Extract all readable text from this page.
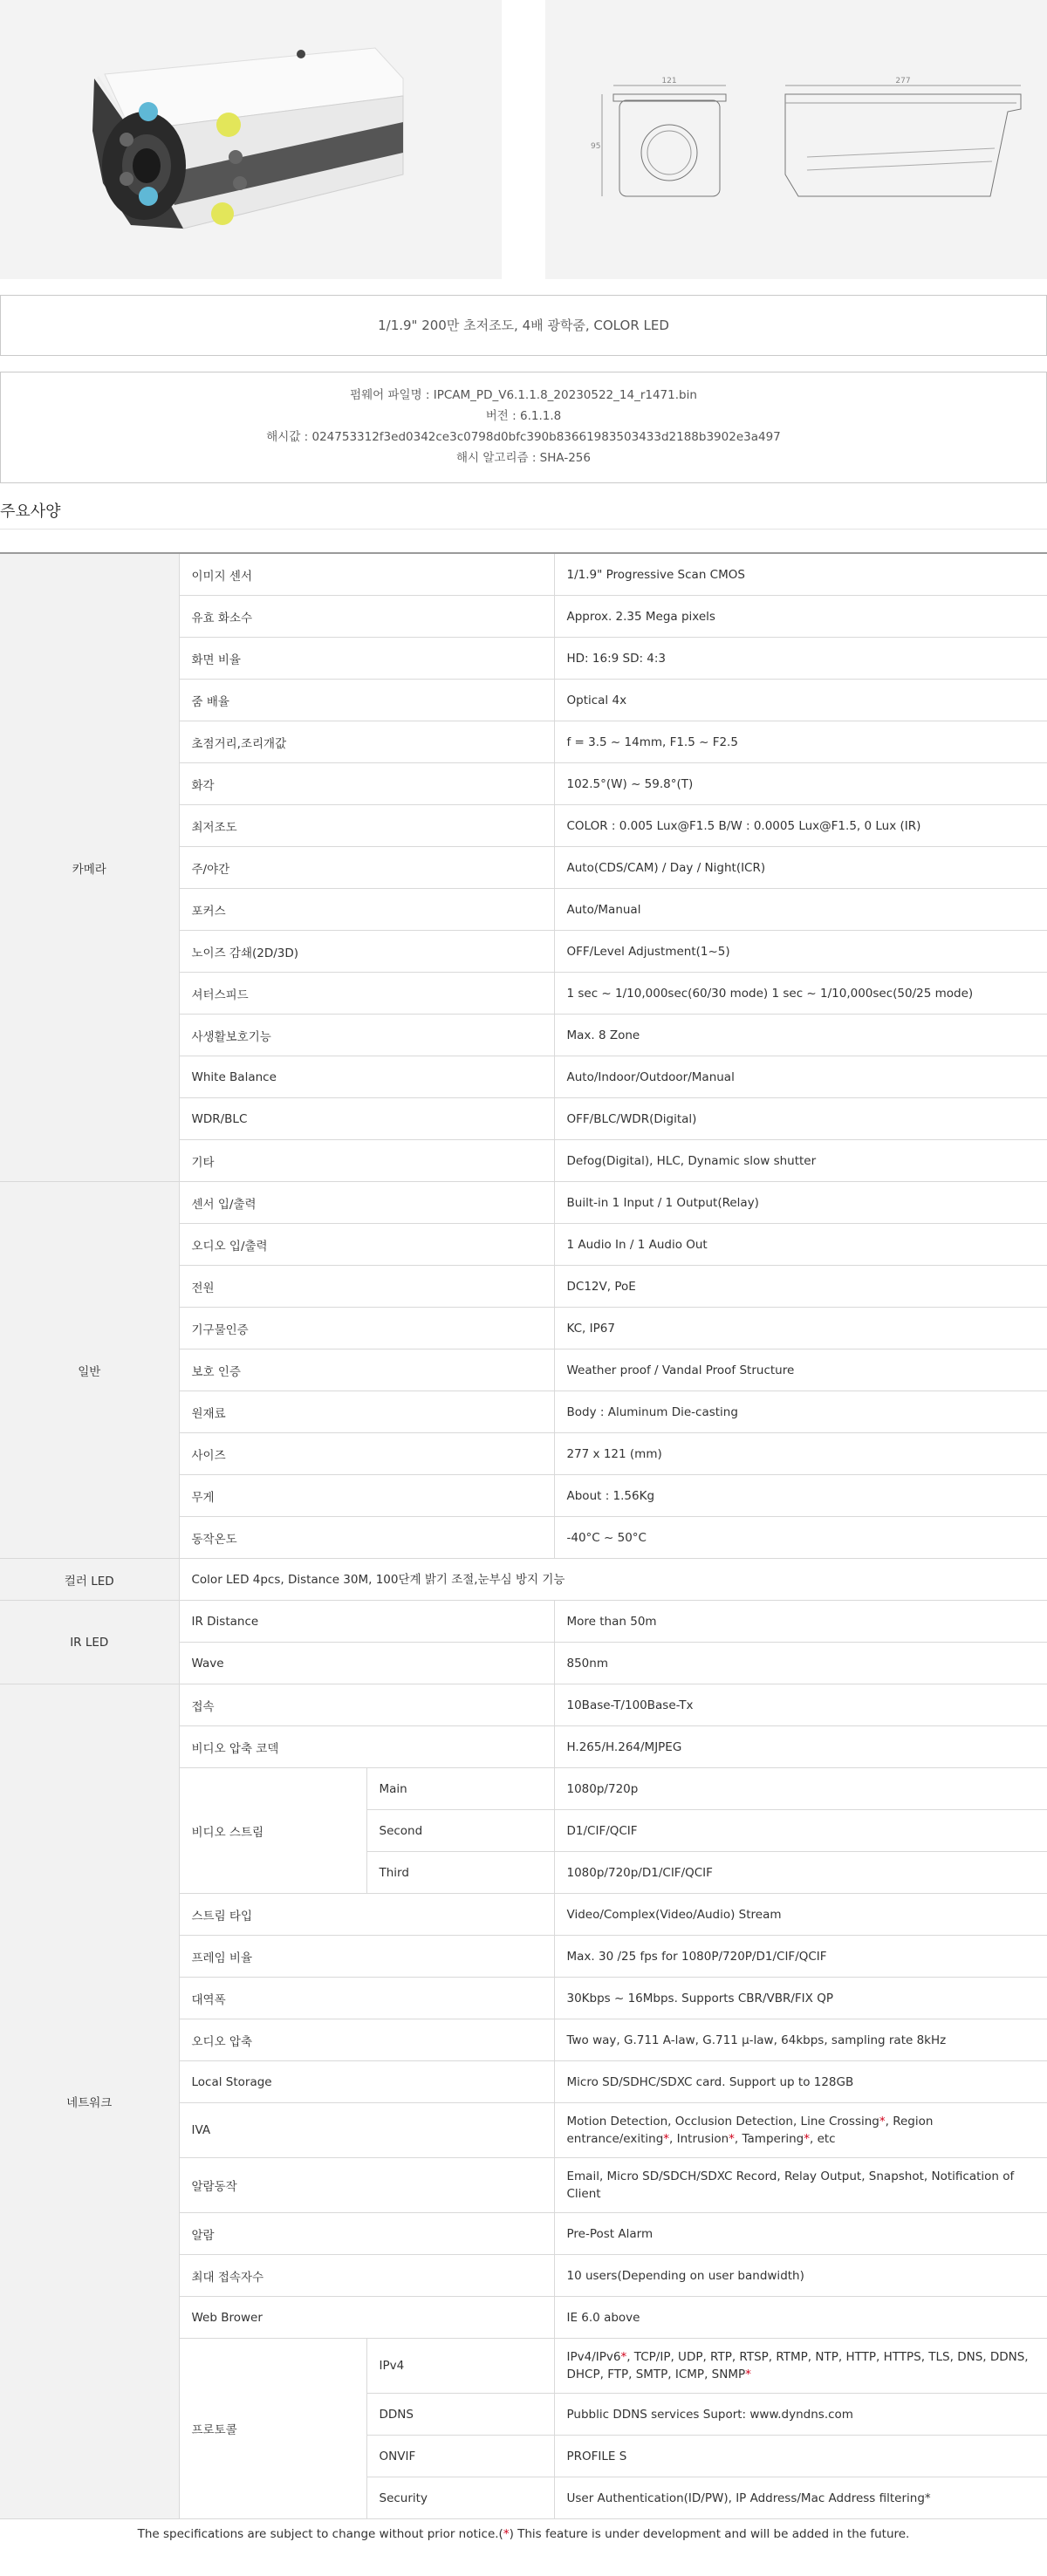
121
95
277
1/1.9" 200만 초저조도, 4배 광학줌, COLOR LED
펌웨어 파일명 : IPCAM_PD_V6.1.1.8_20230522_14_r1471.bin
버전 : 6.1.1.8
해시값 : 024753312f3ed0342ce3c0798d0bfc390b83661983503433d2188b3902e3a497
해시 알고리즘 : SHA-256
주요사양
카메라	이미지 센서		1/1.9" Progressive Scan CMOS
	유효 화소수		Approx. 2.35 Mega pixels
	화면 비율		HD: 16:9 SD: 4:3
	줌 배율		Optical 4x
	초점거리,조리개값		f = 3.5 ~ 14mm, F1.5 ~ F2.5
	화각		102.5°(W) ~ 59.8°(T)
	최저조도		COLOR : 0.005 Lux@F1.5 B/W : 0.0005 Lux@F1.5, 0 Lux (IR)
	주/야간		Auto(CDS/CAM) / Day / Night(ICR)
	포커스		Auto/Manual
	노이즈 감쇄(2D/3D)		OFF/Level Adjustment(1~5)
	셔터스피드		1 sec ~ 1/10,000sec(60/30 mode) 1 sec ~ 1/10,000sec(50/25 mode)
	사생활보호기능		Max. 8 Zone
	White Balance		Auto/Indoor/Outdoor/Manual
	WDR/BLC		OFF/BLC/WDR(Digital)
	기타		Defog(Digital), HLC, Dynamic slow shutter
일반	센서 입/출력		Built-in 1 Input / 1 Output(Relay)
	오디오 입/출력		1 Audio In / 1 Audio Out
	전원		DC12V, PoE
	기구물인증		KC, IP67
	보호 인증		Weather proof / Vandal Proof Structure
	원재료		Body : Aluminum Die-casting
	사이즈		277 x 121 (mm)
	무게		About : 1.56Kg
	동작온도		-40°C ~ 50°C
컬러 LED	Color LED 4pcs, Distance 30M, 100단계 밝기 조절,눈부심 방지 기능		
IR LED	IR Distance		More than 50m
	Wave		850nm
네트워크	접속		10Base-T/100Base-Tx
	비디오 압축 코덱		H.265/H.264/MJPEG
	비디오 스트림	Main	1080p/720p
		Second	D1/CIF/QCIF
		Third	1080p/720p/D1/CIF/QCIF
	스트림 타입		Video/Complex(Video/Audio) Stream
	프레임 비율		Max. 30 /25 fps for 1080P/720P/D1/CIF/QCIF
	대역폭		30Kbps ~ 16Mbps. Supports CBR/VBR/FIX QP
	오디오 압축		Two way, G.711 A-law, G.711 μ-law, 64kbps, sampling rate 8kHz
	Local Storage		Micro SD/SDHC/SDXC card. Support up to 128GB
	IVA		Motion Detection, Occlusion Detection, Line Crossing*, Region entrance/exiting*, Intrusion*, Tampering*, etc
	알람동작		Email, Micro SD/SDCH/SDXC Record, Relay Output, Snapshot, Notification of Client
	알람		Pre-Post Alarm
	최대 접속자수		10 users(Depending on user bandwidth)
	Web Brower		IE 6.0 above
	프로토콜	IPv4	IPv4/IPv6*, TCP/IP, UDP, RTP, RTSP, RTMP, NTP, HTTP, HTTPS, TLS, DNS, DDNS, DHCP, FTP, SMTP, ICMP, SNMP*
		DDNS	Pubblic DDNS services Suport: www.dyndns.com
		ONVIF	PROFILE S
		Security	User Authentication(ID/PW), IP Address/Mac Address filtering*
The specifications are subject to change without prior notice.(*) This feature is under development and will be added in the future.
